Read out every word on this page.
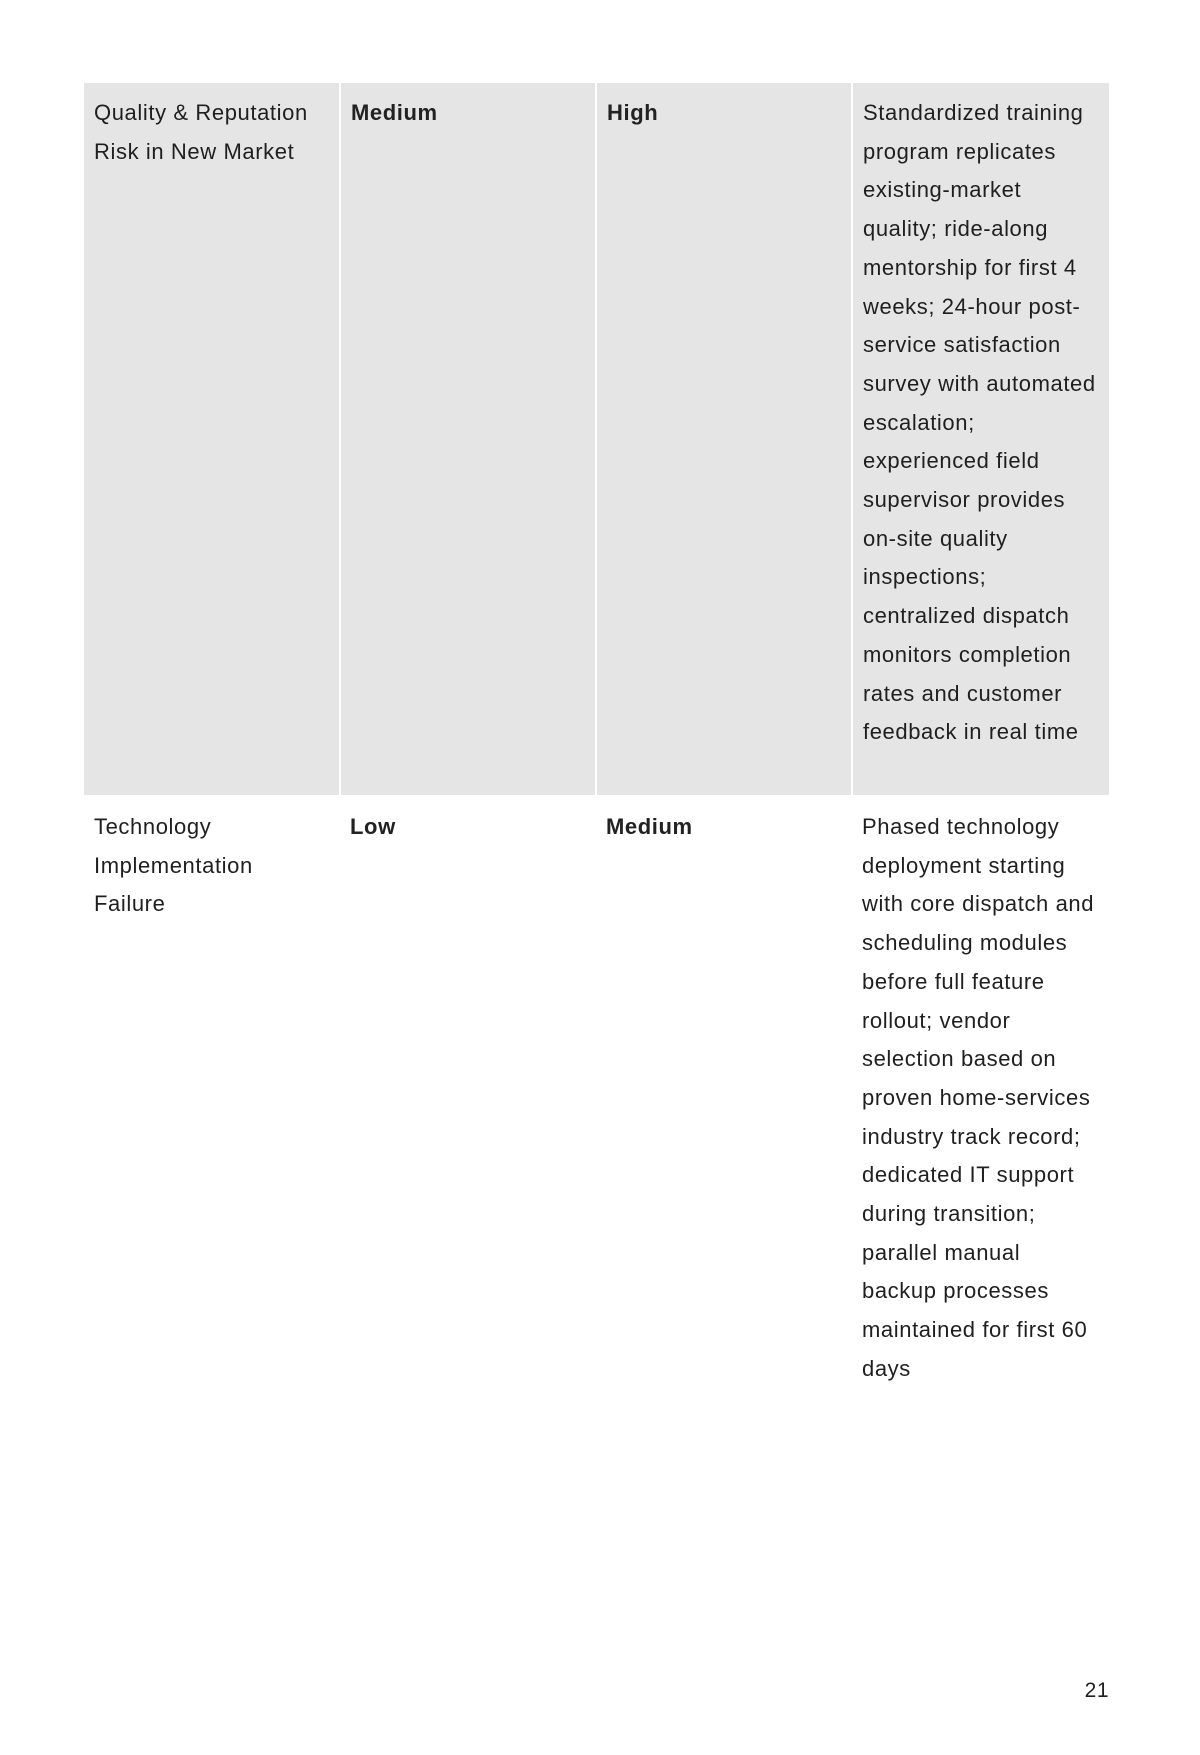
Quality & Reputation Risk in New Market	Medium	High	Standardized training program replicates existing-market quality; ride-along mentorship for first 4 weeks; 24-hour post-service satisfaction survey with automated escalation; experienced field supervisor provides on-site quality inspections; centralized dispatch monitors completion rates and customer feedback in real time
Technology Implementation Failure	Low	Medium	Phased technology deployment starting with core dispatch and scheduling modules before full feature rollout; vendor selection based on proven home-services industry track record; dedicated IT support during transition; parallel manual backup processes maintained for first 60 days
21
